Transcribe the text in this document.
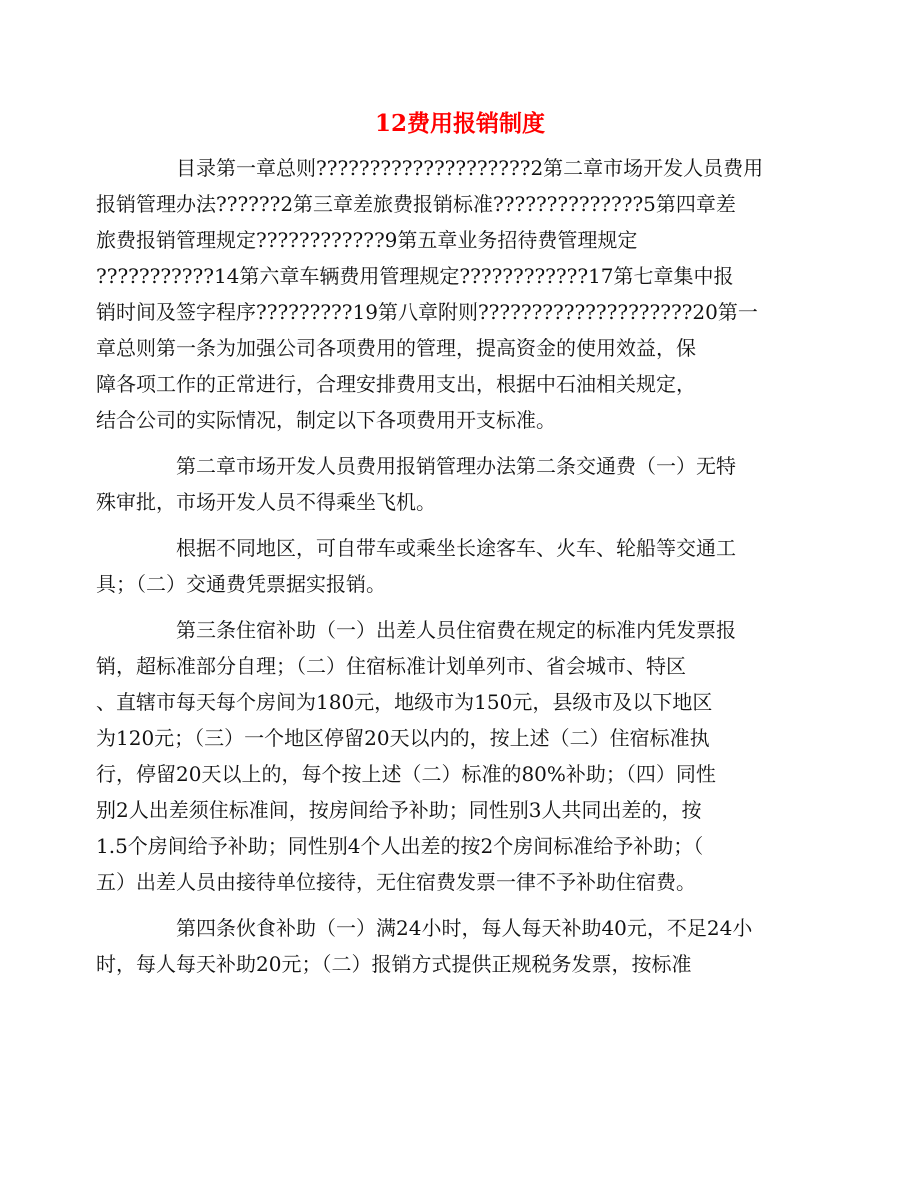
12费用报销制度

目录第一章总则????????????????????2第二章市场开发人员费用
报销管理办法??????2第三章差旅费报销标准??????????????5第四章差
旅费报销管理规定????????????9第五章业务招待费管理规定
???????????14第六章车辆费用管理规定????????????17第七章集中报
销时间及签字程序?????????19第八章附则????????????????????20第一
章总则第一条为加强公司各项费用的管理，提高资金的使用效益，保
障各项工作的正常进行，合理安排费用支出，根据中石油相关规定，
结合公司的实际情况，制定以下各项费用开支标准。

第二章市场开发人员费用报销管理办法第二条交通费（一）无特
殊审批，市场开发人员不得乘坐飞机。

根据不同地区，可自带车或乘坐长途客车、火车、轮船等交通工
具；（二）交通费凭票据实报销。

第三条住宿补助（一）出差人员住宿费在规定的标准内凭发票报
销，超标准部分自理；（二）住宿标准计划单列市、省会城市、特区
、直辖市每天每个房间为180元，地级市为150元，县级市及以下地区
为120元；（三）一个地区停留20天以内的，按上述（二）住宿标准执
行，停留20天以上的，每个按上述（二）标准的80%补助；（四）同性
别2人出差须住标准间，按房间给予补助；同性别3人共同出差的，按
1.5个房间给予补助；同性别4个人出差的按2个房间标准给予补助；（
五）出差人员由接待单位接待，无住宿费发票一律不予补助住宿费。

第四条伙食补助（一）满24小时，每人每天补助40元，不足24小
时，每人每天补助20元；（二）报销方式提供正规税务发票，按标准
